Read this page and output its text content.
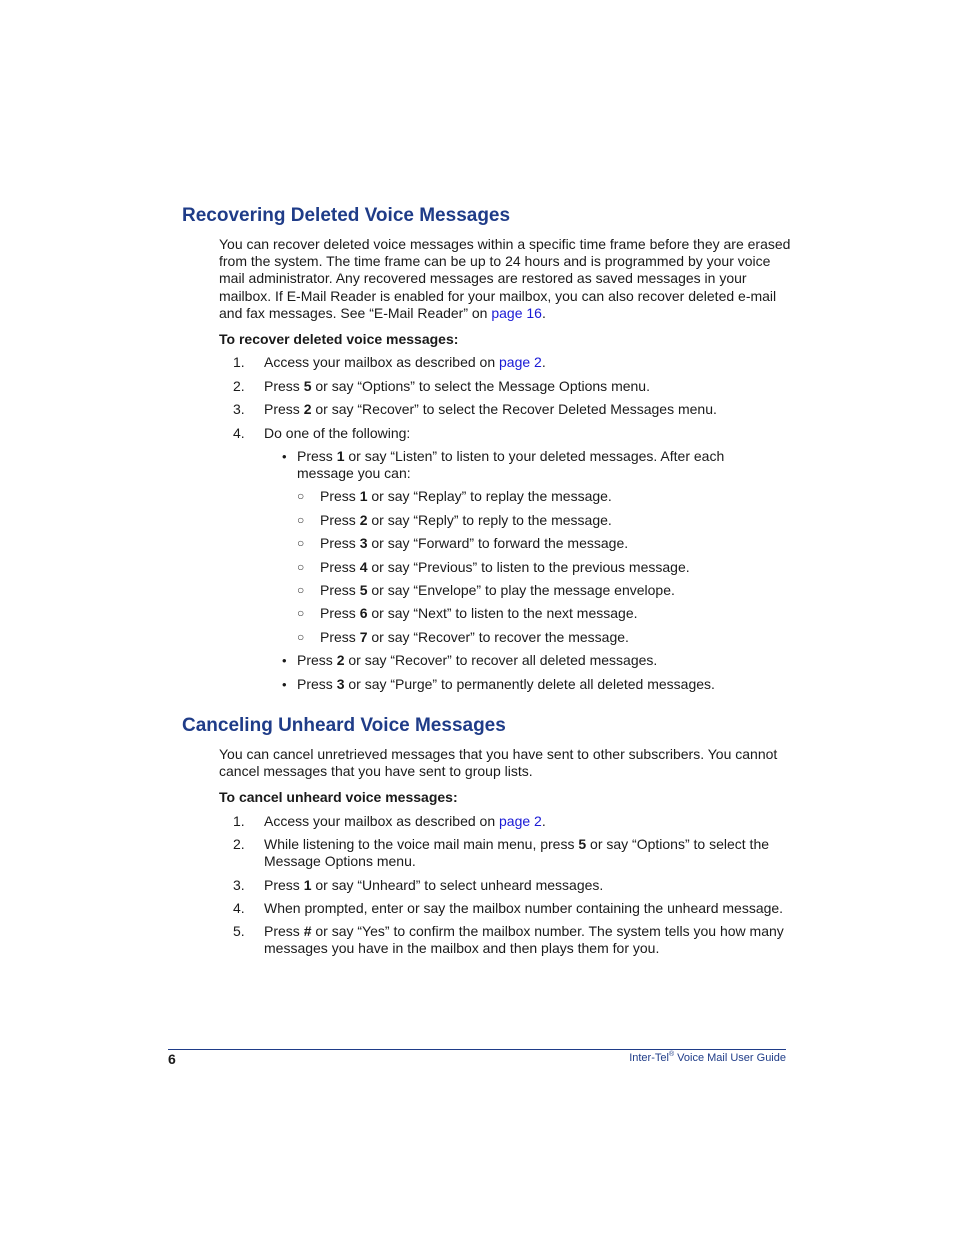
Recovering Deleted Voice Messages

You can recover deleted voice messages within a specific time frame before they are erased from the system. The time frame can be up to 24 hours and is programmed by your voice mail administrator. Any recovered messages are restored as saved messages in your mailbox. If E-Mail Reader is enabled for your mailbox, you can also recover deleted e-mail and fax messages. See “E-Mail Reader” on page 16.

To recover deleted voice messages:

1.	Access your mailbox as described on page 2.
2.	Press 5 or say “Options” to select the Message Options menu.
3.	Press 2 or say “Recover” to select the Recover Deleted Messages menu.
4.	Do one of the following:
• Press 1 or say “Listen” to listen to your deleted messages. After each message you can:
○ Press 1 or say “Replay” to replay the message.
○ Press 2 or say “Reply” to reply to the message.
○ Press 3 or say “Forward” to forward the message.
○ Press 4 or say “Previous” to listen to the previous message.
○ Press 5 or say “Envelope” to play the message envelope.
○ Press 6 or say “Next” to listen to the next message.
○ Press 7 or say “Recover” to recover the message.
• Press 2 or say “Recover” to recover all deleted messages.
• Press 3 or say “Purge” to permanently delete all deleted messages.
Canceling Unheard Voice Messages

You can cancel unretrieved messages that you have sent to other subscribers. You cannot cancel messages that you have sent to group lists.

To cancel unheard voice messages:

1.	Access your mailbox as described on page 2.
2.	While listening to the voice mail main menu, press 5 or say “Options” to select the Message Options menu.
3.	Press 1 or say “Unheard” to select unheard messages.
4.	When prompted, enter or say the mailbox number containing the unheard message.
5.	Press # or say “Yes” to confirm the mailbox number. The system tells you how many messages you have in the mailbox and then plays them for you.
6	Inter-Tel® Voice Mail User Guide
